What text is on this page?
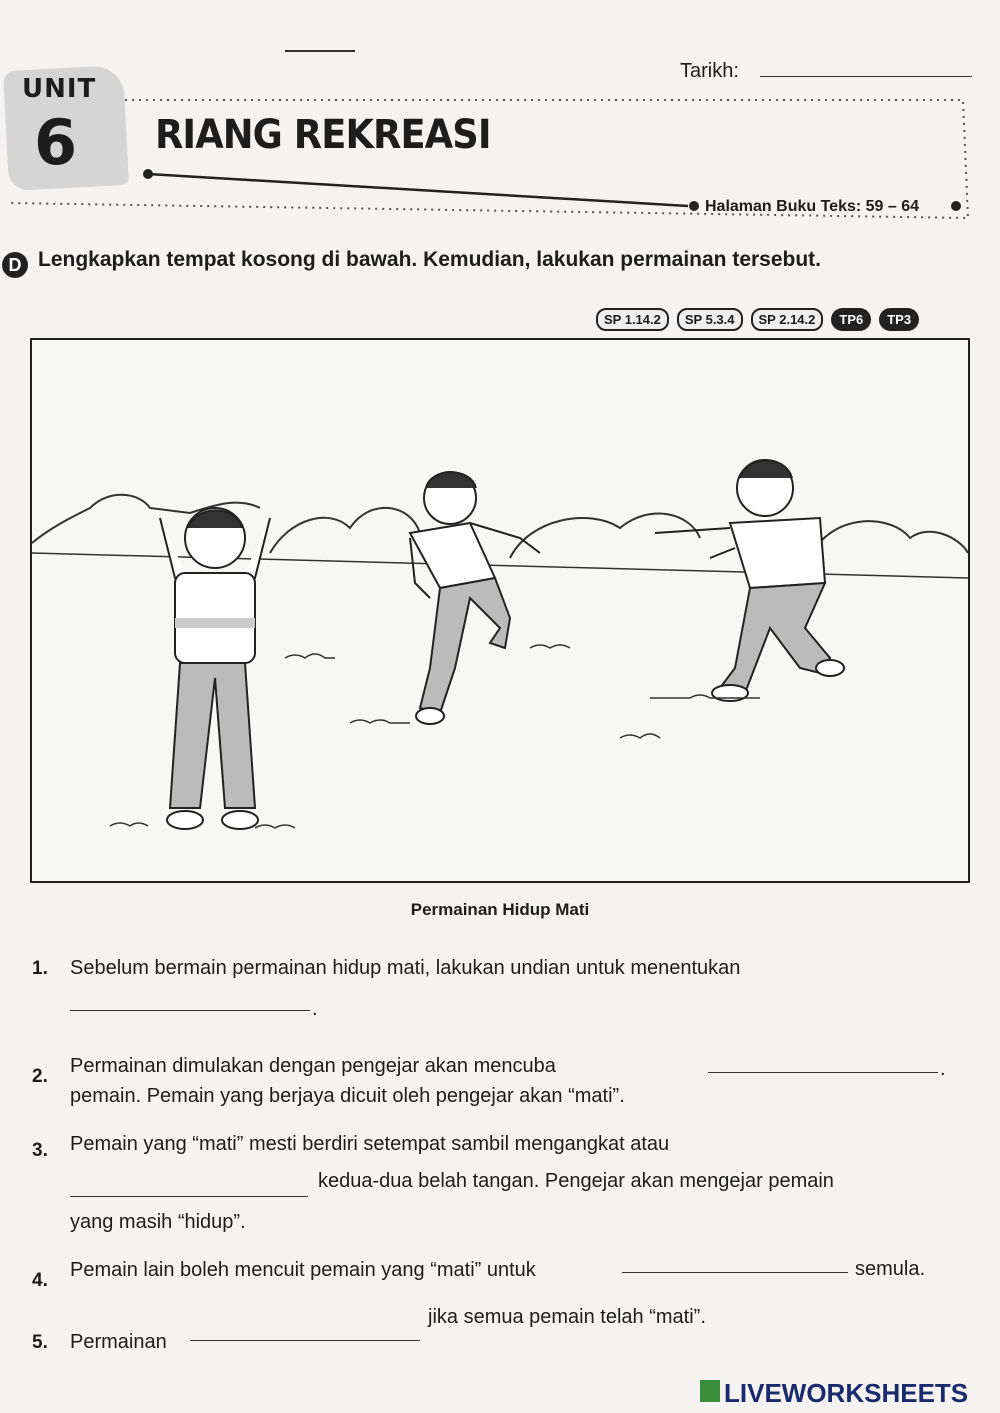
Tarikh:
UNIT
6 RIANG REKREASI
Halaman Buku Teks: 59 – 64
D Lengkapkan tempat kosong di bawah. Kemudian, lakukan permainan tersebut.
SP 1.14.2	SP 5.3.4	SP 2.14.2	TP6	TP3
Permainan Hidup Mati
1. Sebelum bermain permainan hidup mati, lakukan undian untuk menentukan
.
2. Permainan dimulakan dengan pengejar akan mencuba	.
pemain. Pemain yang berjaya dicuit oleh pengejar akan “mati”.
3. Pemain yang “mati” mesti berdiri setempat sambil mengangkat atau
kedua-dua belah tangan. Pengejar akan mengejar pemain
yang masih “hidup”.
4. Pemain lain boleh mencuit pemain yang “mati” untuk	semula.
5. Permainan
jika semua pemain telah “mati”.
LIVEWORKSHEETS
